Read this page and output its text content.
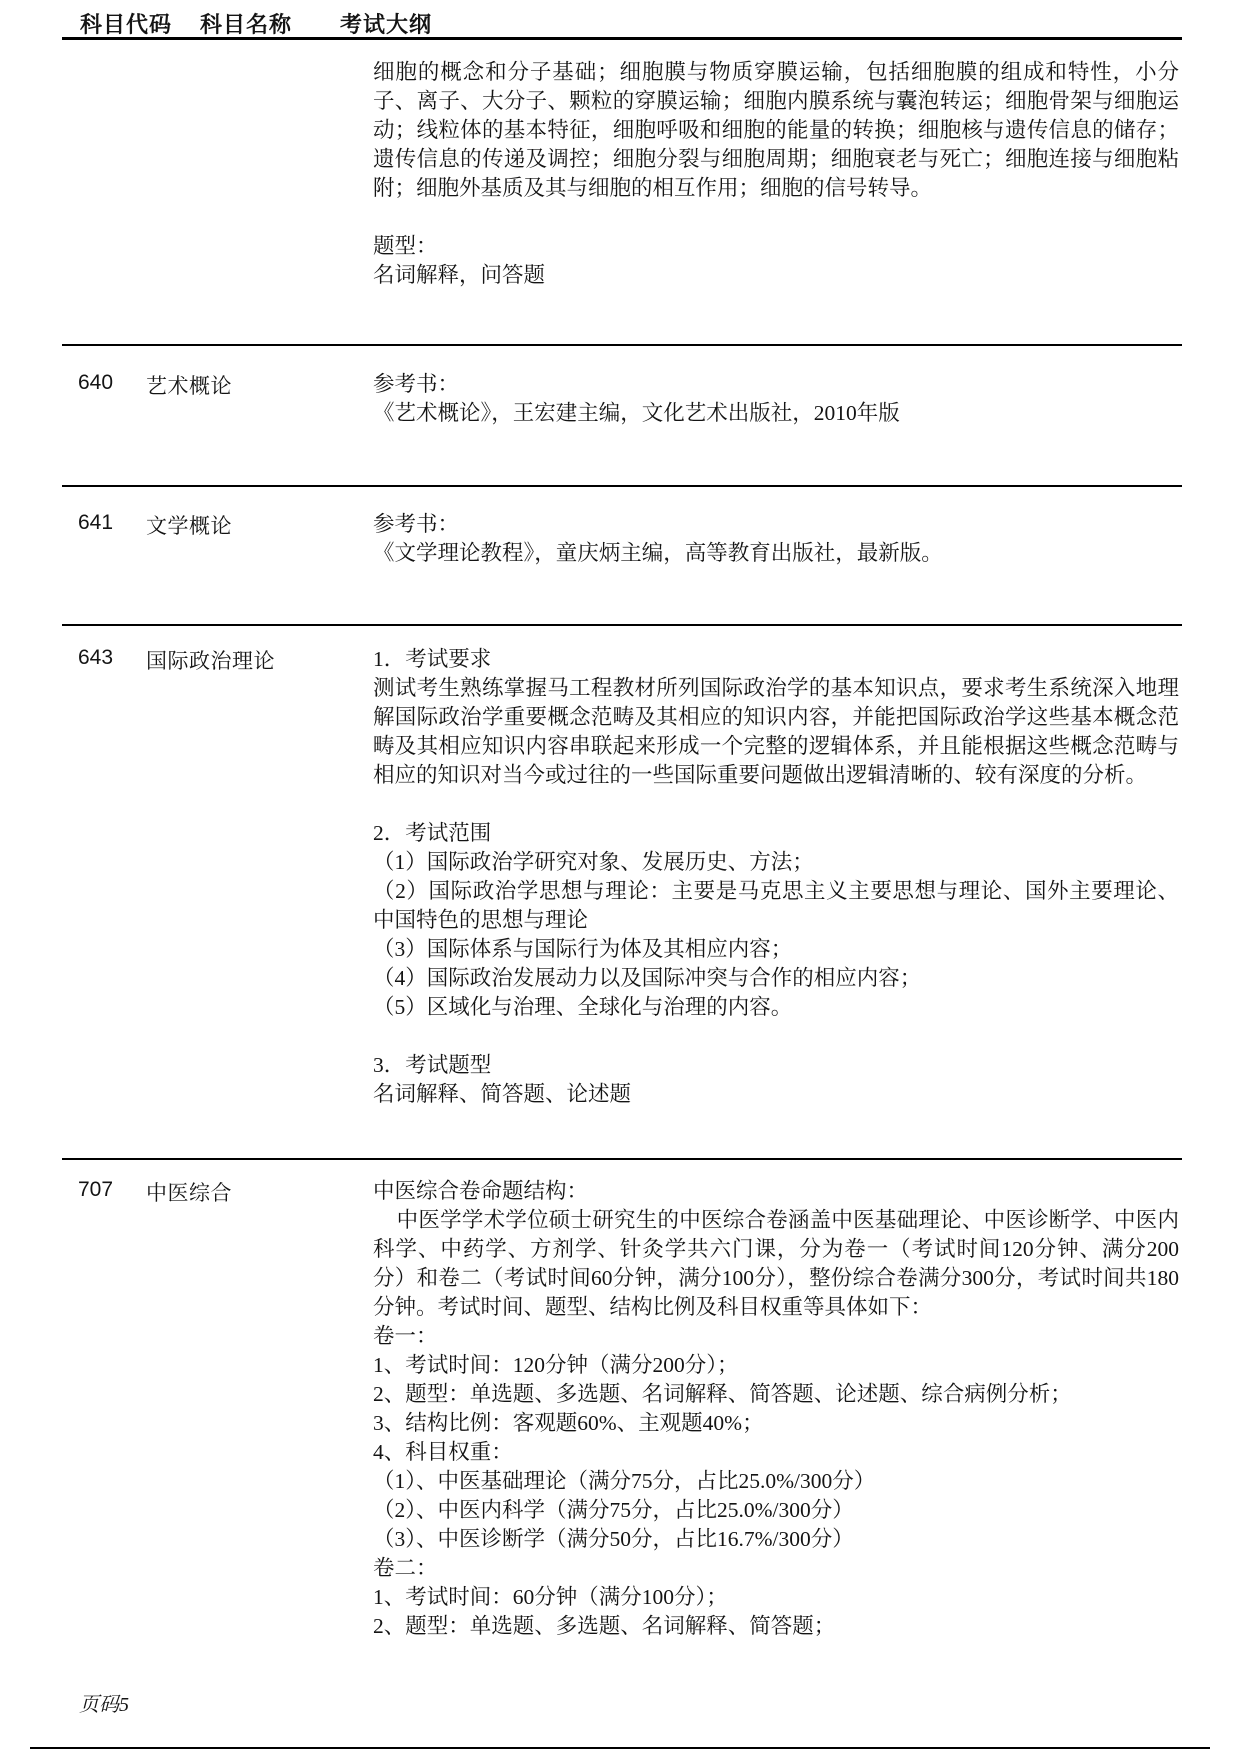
科目代码 科目名称 考试大纲
细胞的概念和分子基础；细胞膜与物质穿膜运输，包括细胞膜的组成和特性，小分子、离子、大分子、颗粒的穿膜运输；细胞内膜系统与囊泡转运；细胞骨架与细胞运动；线粒体的基本特征，细胞呼吸和细胞的能量的转换；细胞核与遗传信息的储存；遗传信息的传递及调控；细胞分裂与细胞周期；细胞衰老与死亡；细胞连接与细胞粘附；细胞外基质及其与细胞的相互作用；细胞的信号转导。

题型：
名词解释，问答题
640 艺术概论	参考书：
《艺术概论》，王宏建主编，文化艺术出版社，2010年版
641 文学概论	参考书：
《文学理论教程》，童庆炳主编，高等教育出版社，最新版。
643 国际政治理论	1．考试要求
测试考生熟练掌握马工程教材所列国际政治学的基本知识点，要求考生系统深入地理解国际政治学重要概念范畴及其相应的知识内容，并能把国际政治学这些基本概念范畴及其相应知识内容串联起来形成一个完整的逻辑体系，并且能根据这些概念范畴与相应的知识对当今或过往的一些国际重要问题做出逻辑清晰的、较有深度的分析。

2．考试范围
（1）国际政治学研究对象、发展历史、方法；
（2）国际政治学思想与理论：主要是马克思主义主要思想与理论、国外主要理论、中国特色的思想与理论
（3）国际体系与国际行为体及其相应内容；
（4）国际政治发展动力以及国际冲突与合作的相应内容；
（5）区域化与治理、全球化与治理的内容。

3．考试题型
名词解释、简答题、论述题
707 中医综合	中医综合卷命题结构：
中医学学术学位硕士研究生的中医综合卷涵盖中医基础理论、中医诊断学、中医内科学、中药学、方剂学、针灸学共六门课，分为卷一（考试时间120分钟、满分200分）和卷二（考试时间60分钟，满分100分），整份综合卷满分300分，考试时间共180分钟。考试时间、题型、结构比例及科目权重等具体如下：
卷一：
1、考试时间：120分钟（满分200分）；
2、题型：单选题、多选题、名词解释、简答题、论述题、综合病例分析；
3、结构比例：客观题60%、主观题40%；
4、科目权重：
（1）、中医基础理论（满分75分，占比25.0%/300分）
（2）、中医内科学（满分75分，占比25.0%/300分）
（3）、中医诊断学（满分50分，占比16.7%/300分）
卷二：
1、考试时间：60分钟（满分100分）；
2、题型：单选题、多选题、名词解释、简答题；
页码5
